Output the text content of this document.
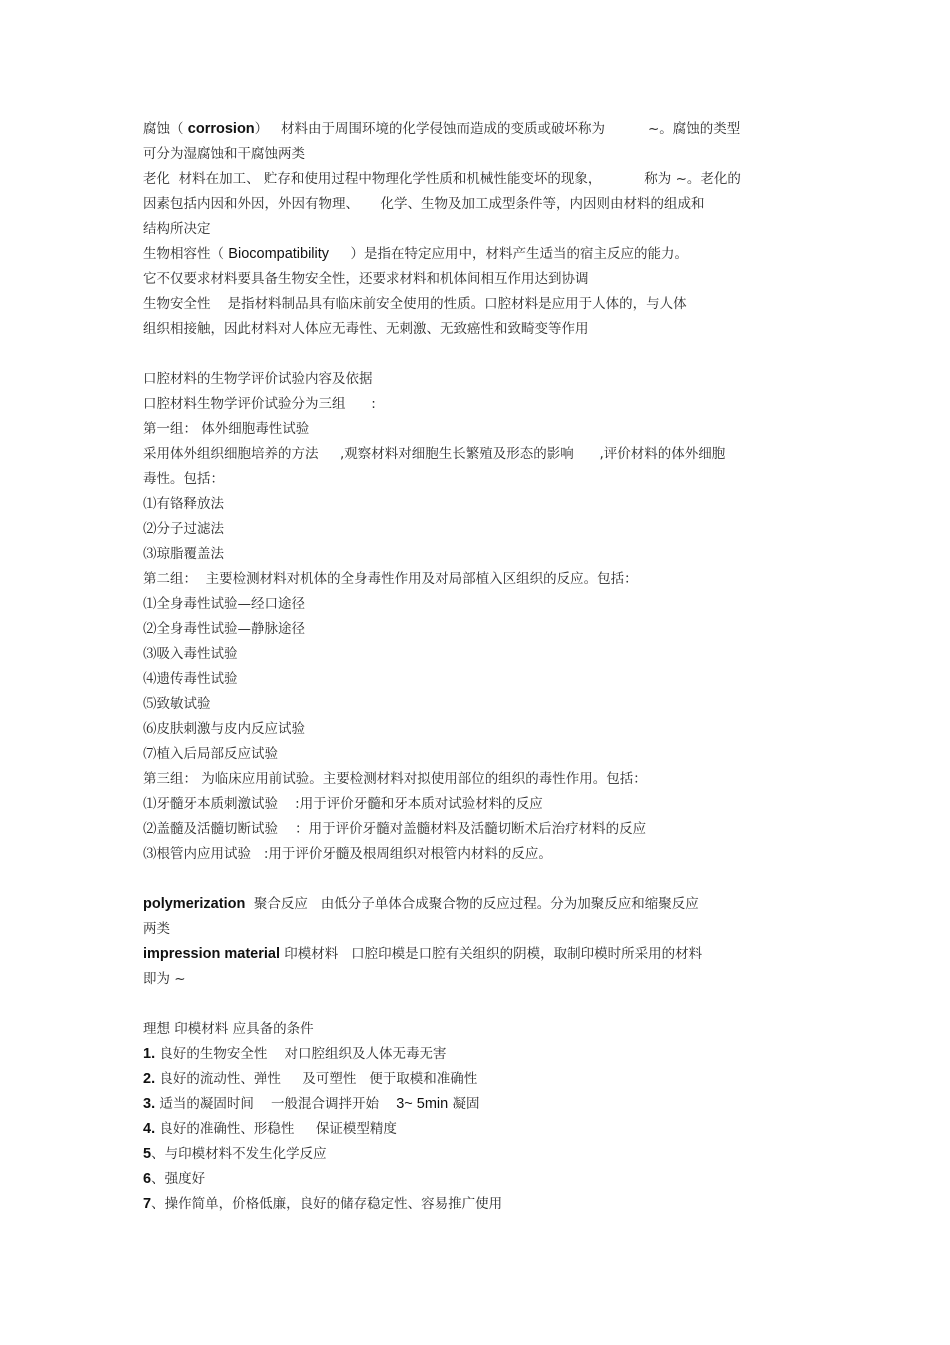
腐蚀（ corrosion）   材料由于周围环境的化学侵蚀而造成的变质或破坏称为          ~。腐蚀的类型
可分为湿腐蚀和干腐蚀两类
老化  材料在加工、 贮存和使用过程中物理化学性质和机械性能变坏的现象，          称为 ~。老化的
因素包括内因和外因，外因有物理、     化学、生物及加工成型条件等，内因则由材料的组成和
结构所决定
生物相容性（ Biocompatibility     ）是指在特定应用中，材料产生适当的宿主反应的能力。
它不仅要求材料要具备生物安全性，还要求材料和机体间相互作用达到协调
生物安全性    是指材料制品具有临床前安全使用的性质。口腔材料是应用于人体的，与人体
组织相接触，因此材料对人体应无毒性、无刺激、无致癌性和致畸变等作用
口腔材料的生物学评价试验内容及依据
口腔材料生物学评价试验分为三组      :
第一组： 体外细胞毒性试验
采用体外组织细胞培养的方法     ,观察材料对细胞生长繁殖及形态的影响      ,评价材料的体外细胞
毒性。包括：
⑴有铬释放法
⑵分子过滤法
⑶琼脂覆盖法
第二组：  主要检测材料对机体的全身毒性作用及对局部植入区组织的反应。包括：
⑴全身毒性试验—经口途径
⑵全身毒性试验—静脉途径
⑶吸入毒性试验
⑷遗传毒性试验
⑸致敏试验
⑹皮肤刺激与皮内反应试验
⑺植入后局部反应试验
第三组： 为临床应用前试验。主要检测材料对拟使用部位的组织的毒性作用。包括：
⑴牙髓牙本质刺激试验    :用于评价牙髓和牙本质对试验材料的反应
⑵盖髓及活髓切断试验    ：用于评价牙髓对盖髓材料及活髓切断术后治疗材料的反应
⑶根管内应用试验   :用于评价牙髓及根周组织对根管内材料的反应。
polymerization  聚合反应   由低分子单体合成聚合物的反应过程。分为加聚反应和缩聚反应
两类
impression material 印模材料   口腔印模是口腔有关组织的阴模，取制印模时所采用的材料
即为 ~
理想 印模材料 应具备的条件
1. 良好的生物安全性    对口腔组织及人体无毒无害
2. 良好的流动性、弹性     及可塑性   便于取模和准确性
3. 适当的凝固时间    一般混合调拌开始    3~ 5min 凝固
4. 良好的准确性、形稳性     保证模型精度
5、与印模材料不发生化学反应
6、强度好
7、操作简单，价格低廉，良好的储存稳定性、容易推广使用
